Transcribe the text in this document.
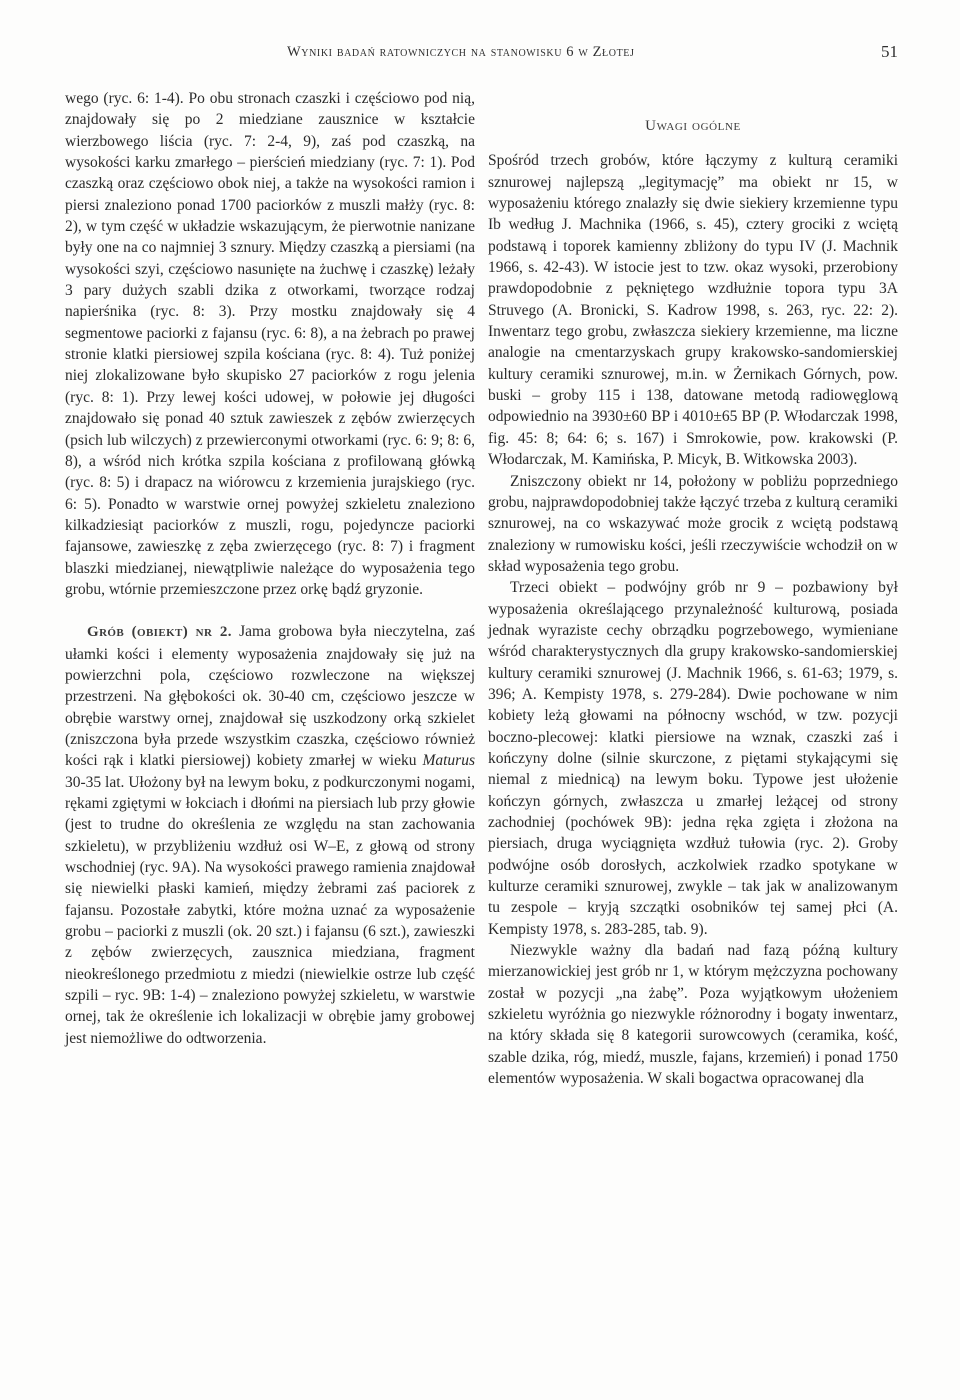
Wyniki badań ratowniczych na stanowisku 6 w Złotej	51

wego (ryc. 6: 1-4). Po obu stronach czaszki i częściowo pod nią, znajdowały się po 2 miedziane zausznice w kształcie wierzbowego liścia (ryc. 7: 2-4, 9), zaś pod czaszką, na wysokości karku zmarłego – pierścień miedziany (ryc. 7: 1). Pod czaszką oraz częściowo obok niej, a także na wysokości ramion i piersi znaleziono ponad 1700 paciorków z muszli małży (ryc. 8: 2), w tym część w układzie wskazującym, że pierwotnie nanizane były one na co najmniej 3 sznury. Między czaszką a piersiami (na wysokości szyi, częściowo nasunięte na żuchwę i czaszkę) leżały 3 pary dużych szabli dzika z otworkami, tworzące rodzaj napierśnika (ryc. 8: 3). Przy mostku znajdowały się 4 segmentowe paciorki z fajansu (ryc. 6: 8), a na żebrach po prawej stronie klatki piersiowej szpila kościana (ryc. 8: 4). Tuż poniżej niej zlokalizowane było skupisko 27 paciorków z rogu jelenia (ryc. 8: 1). Przy lewej kości udowej, w połowie jej długości znajdowało się ponad 40 sztuk zawieszek z zębów zwierzęcych (psich lub wilczych) z przewierconymi otworkami (ryc. 6: 9; 8: 6, 8), a wśród nich krótka szpila kościana z profilowaną główką (ryc. 8: 5) i drapacz na wiórowcu z krzemienia jurajskiego (ryc. 6: 5). Ponadto w warstwie ornej powyżej szkieletu znaleziono kilkadziesiąt paciorków z muszli, rogu, pojedyncze paciorki fajansowe, zawieszkę z zęba zwierzęcego (ryc. 8: 7) i fragment blaszki miedzianej, niewątpliwie należące do wyposażenia tego grobu, wtórnie przemieszczone przez orkę bądź gryzonie.

Grób (obiekt) nr 2. Jama grobowa była nieczytelna, zaś ułamki kości i elementy wyposażenia znajdowały się już na powierzchni pola, częściowo rozwleczone na większej przestrzeni. Na głębokości ok. 30-40 cm, częściowo jeszcze w obrębie warstwy ornej, znajdował się uszkodzony orką szkielet (zniszczona była przede wszystkim czaszka, częściowo również kości rąk i klatki piersiowej) kobiety zmarłej w wieku Maturus 30-35 lat. Ułożony był na lewym boku, z podkurczonymi nogami, rękami zgiętymi w łokciach i dłońmi na piersiach lub przy głowie (jest to trudne do określenia ze względu na stan zachowania szkieletu), w przybliżeniu wzdłuż osi W–E, z głową od strony wschodniej (ryc. 9A). Na wysokości prawego ramienia znajdował się niewielki płaski kamień, między żebrami zaś paciorek z fajansu. Pozostałe zabytki, które można uznać za wyposażenie grobu – paciorki z muszli (ok. 20 szt.) i fajansu (6 szt.), zawieszki z zębów zwierzęcych, zausznica miedziana, fragment nieokreślonego przedmiotu z miedzi (niewielkie ostrze lub część szpili – ryc. 9B: 1-4) – znaleziono powyżej szkieletu, w warstwie ornej, tak że określenie ich lokalizacji w obrębie jamy grobowej jest niemożliwe do odtworzenia.

Uwagi ogólne

Spośród trzech grobów, które łączymy z kulturą ceramiki sznurowej najlepszą „legitymację” ma obiekt nr 15, w wyposażeniu którego znalazły się dwie siekiery krzemienne typu Ib według J. Machnika (1966, s. 45), cztery grociki z wciętą podstawą i toporek kamienny zbliżony do typu IV (J. Machnik 1966, s. 42-43). W istocie jest to tzw. okaz wysoki, przerobiony prawdopodobnie z pękniętego wzdłużnie topora typu 3A Struvego (A. Bronicki, S. Kadrow 1998, s. 263, ryc. 22: 2). Inwentarz tego grobu, zwłaszcza siekiery krzemienne, ma liczne analogie na cmentarzyskach grupy krakowsko-sandomierskiej kultury ceramiki sznurowej, m.in. w Żernikach Górnych, pow. buski – groby 115 i 138, datowane metodą radiowęglową odpowiednio na 3930±60 BP i 4010±65 BP (P. Włodarczak 1998, fig. 45: 8; 64: 6; s. 167) i Smrokowie, pow. krakowski (P. Włodarczak, M. Kamińska, P. Micyk, B. Witkowska 2003).

Zniszczony obiekt nr 14, położony w pobliżu poprzedniego grobu, najprawdopodobniej także łączyć trzeba z kulturą ceramiki sznurowej, na co wskazywać może grocik z wciętą podstawą znaleziony w rumowisku kości, jeśli rzeczywiście wchodził on w skład wyposażenia tego grobu.

Trzeci obiekt – podwójny grób nr 9 – pozbawiony był wyposażenia określającego przynależność kulturową, posiada jednak wyraziste cechy obrządku pogrzebowego, wymieniane wśród charakterystycznych dla grupy krakowsko-sandomierskiej kultury ceramiki sznurowej (J. Machnik 1966, s. 61-63; 1979, s. 396; A. Kempisty 1978, s. 279-284). Dwie pochowane w nim kobiety leżą głowami na północny wschód, w tzw. pozycji boczno-plecowej: klatki piersiowe na wznak, czaszki zaś i kończyny dolne (silnie skurczone, z piętami stykającymi się niemal z miednicą) na lewym boku. Typowe jest ułożenie kończyn górnych, zwłaszcza u zmarłej leżącej od strony zachodniej (pochówek 9B): jedna ręka zgięta i złożona na piersiach, druga wyciągnięta wzdłuż tułowia (ryc. 2). Groby podwójne osób dorosłych, aczkolwiek rzadko spotykane w kulturze ceramiki sznurowej, zwykle – tak jak w analizowanym tu zespole – kryją szczątki osobników tej samej płci (A. Kempisty 1978, s. 283-285, tab. 9).

Niezwykle ważny dla badań nad fazą późną kultury mierzanowickiej jest grób nr 1, w którym mężczyzna pochowany został w pozycji „na żabę”. Poza wyjątkowym ułożeniem szkieletu wyróżnia go niezwykle różnorodny i bogaty inwentarz, na który składa się 8 kategorii surowcowych (ceramika, kość, szable dzika, róg, miedź, muszle, fajans, krzemień) i ponad 1750 elementów wyposażenia. W skali bogactwa opracowanej dla
